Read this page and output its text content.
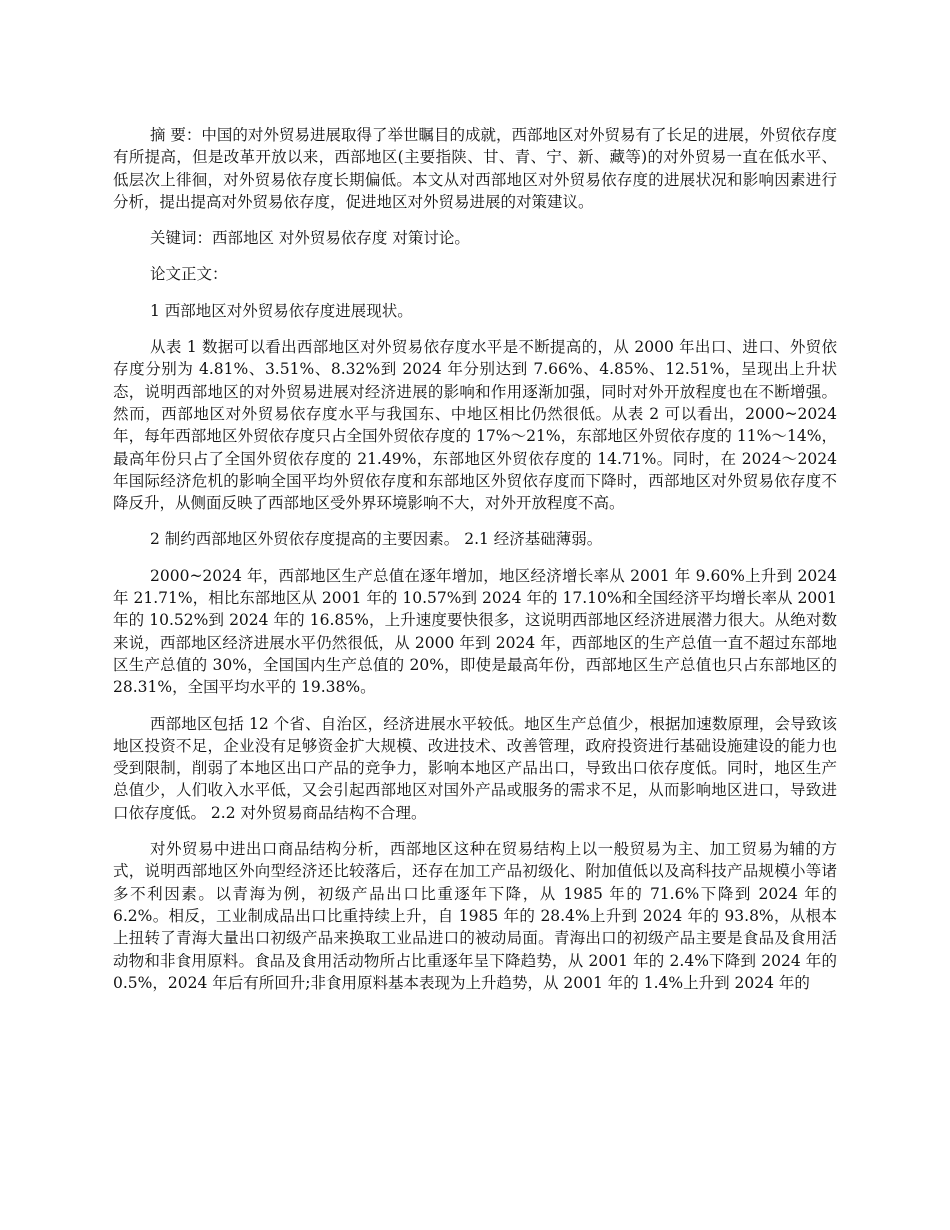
摘 要：中国的对外贸易进展取得了举世瞩目的成就，西部地区对外贸易有了长足的进展，外贸依存度有所提高，但是改革开放以来，西部地区(主要指陕、甘、青、宁、新、藏等)的对外贸易一直在低水平、低层次上徘徊，对外贸易依存度长期偏低。本文从对西部地区对外贸易依存度的进展状况和影响因素进行分析，提出提高对外贸易依存度，促进地区对外贸易进展的对策建议。

关键词：西部地区 对外贸易依存度 对策讨论。

论文正文：

1 西部地区对外贸易依存度进展现状。

从表 1 数据可以看出西部地区对外贸易依存度水平是不断提高的，从 2000 年出口、进口、外贸依存度分别为 4.81%、3.51%、8.32%到 2024 年分别达到 7.66%、4.85%、12.51%，呈现出上升状态，说明西部地区的对外贸易进展对经济进展的影响和作用逐渐加强，同时对外开放程度也在不断增强。然而，西部地区对外贸易依存度水平与我国东、中地区相比仍然很低。从表 2 可以看出，2000~2024 年，每年西部地区外贸依存度只占全国外贸依存度的 17%～21%，东部地区外贸依存度的 11%～14%，最高年份只占了全国外贸依存度的 21.49%，东部地区外贸依存度的 14.71%。同时，在 2024～2024 年国际经济危机的影响全国平均外贸依存度和东部地区外贸依存度而下降时，西部地区对外贸易依存度不降反升，从侧面反映了西部地区受外界环境影响不大，对外开放程度不高。

2 制约西部地区外贸依存度提高的主要因素。 2.1 经济基础薄弱。

2000~2024 年，西部地区生产总值在逐年增加，地区经济增长率从 2001 年 9.60%上升到 2024 年 21.71%，相比东部地区从 2001 年的 10.57%到 2024 年的 17.10%和全国经济平均增长率从 2001 年的 10.52%到 2024 年的 16.85%，上升速度要快很多，这说明西部地区经济进展潜力很大。从绝对数来说，西部地区经济进展水平仍然很低，从 2000 年到 2024 年，西部地区的生产总值一直不超过东部地区生产总值的 30%，全国国内生产总值的 20%，即使是最高年份，西部地区生产总值也只占东部地区的 28.31%，全国平均水平的 19.38%。

西部地区包括 12 个省、自治区，经济进展水平较低。地区生产总值少，根据加速数原理，会导致该地区投资不足，企业没有足够资金扩大规模、改进技术、改善管理，政府投资进行基础设施建设的能力也受到限制，削弱了本地区出口产品的竞争力，影响本地区产品出口，导致出口依存度低。同时，地区生产总值少，人们收入水平低，又会引起西部地区对国外产品或服务的需求不足，从而影响地区进口，导致进口依存度低。 2.2 对外贸易商品结构不合理。

对外贸易中进出口商品结构分析，西部地区这种在贸易结构上以一般贸易为主、加工贸易为辅的方式，说明西部地区外向型经济还比较落后，还存在加工产品初级化、附加值低以及高科技产品规模小等诸多不利因素。以青海为例，初级产品出口比重逐年下降，从 1985 年的 71.6%下降到 2024 年的 6.2%。相反，工业制成品出口比重持续上升，自 1985 年的 28.4%上升到 2024 年的 93.8%，从根本上扭转了青海大量出口初级产品来换取工业品进口的被动局面。青海出口的初级产品主要是食品及食用活动物和非食用原料。食品及食用活动物所占比重逐年呈下降趋势，从 2001 年的 2.4%下降到 2024 年的 0.5%，2024 年后有所回升;非食用原料基本表现为上升趋势，从 2001 年的 1.4%上升到 2024 年的
